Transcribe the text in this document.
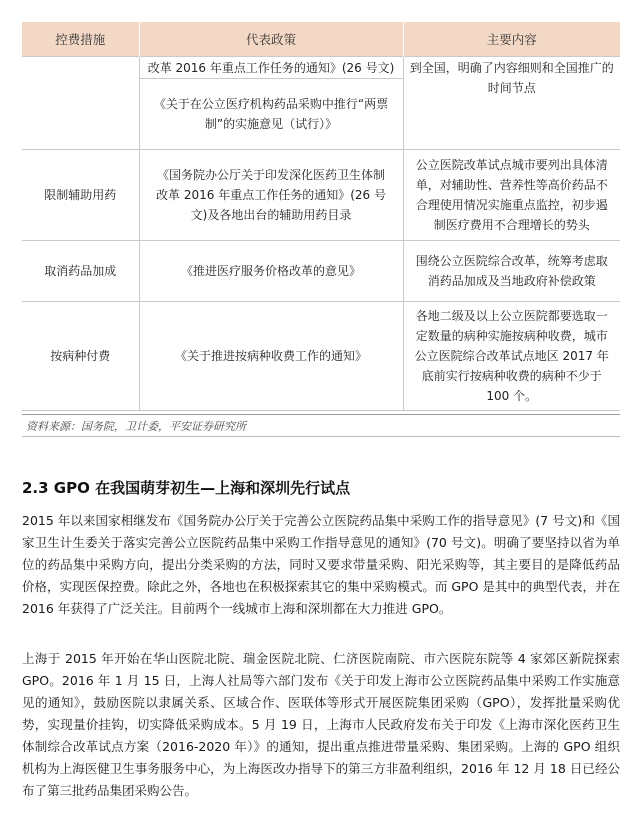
控费措施	代表政策	主要内容
	改革 2016 年重点工作任务的通知》(26 号文)	到全国，明确了内容细则和全国推广的时间节点
	《关于在公立医疗机构药品采购中推行“两票制”的实施意见（试行）》	
限制辅助用药	《国务院办公厅关于印发深化医药卫生体制改革 2016 年重点工作任务的通知》(26 号文)及各地出台的辅助用药目录	公立医院改革试点城市要列出具体清单，对辅助性、营养性等高价药品不合理使用情况实施重点监控，初步遏制医疗费用不合理增长的势头
取消药品加成	《推进医疗服务价格改革的意见》	围绕公立医院综合改革，统筹考虑取消药品加成及当地政府补偿政策
按病种付费	《关于推进按病种收费工作的通知》	各地二级及以上公立医院都要选取一定数量的病种实施按病种收费，城市公立医院综合改革试点地区 2017 年底前实行按病种收费的病种不少于 100 个。
资料来源：国务院，卫计委，平安证券研究所
2.3 GPO 在我国萌芽初生—上海和深圳先行试点

2015 年以来国家相继发布《国务院办公厅关于完善公立医院药品集中采购工作的指导意见》(7 号文)和《国家卫生计生委关于落实完善公立医院药品集中采购工作指导意见的通知》(70 号文)。明确了要坚持以省为单位的药品集中采购方向，提出分类采购的方法，同时又要求带量采购、阳光采购等，其主要目的是降低药品价格，实现医保控费。除此之外，各地也在积极探索其它的集中采购模式。而 GPO 是其中的典型代表，并在 2016 年获得了广泛关注。目前两个一线城市上海和深圳都在大力推进 GPO。

上海于 2015 年开始在华山医院北院、瑞金医院北院、仁济医院南院、市六医院东院等 4 家郊区新院探索 GPO。2016 年 1 月 15 日，上海人社局等六部门发布《关于印发上海市公立医院药品集中采购工作实施意见的通知》，鼓励医院以隶属关系、区域合作、医联体等形式开展医院集团采购（GPO），发挥批量采购优势，实现量价挂钩，切实降低采购成本。5 月 19 日，上海市人民政府发布关于印发《上海市深化医药卫生体制综合改革试点方案（2016-2020 年）》的通知，提出重点推进带量采购、集团采购。上海的 GPO 组织机构为上海医健卫生事务服务中心，为上海医改办指导下的第三方非盈利组织，2016 年 12 月 18 日已经公布了第三批药品集团采购公告。
